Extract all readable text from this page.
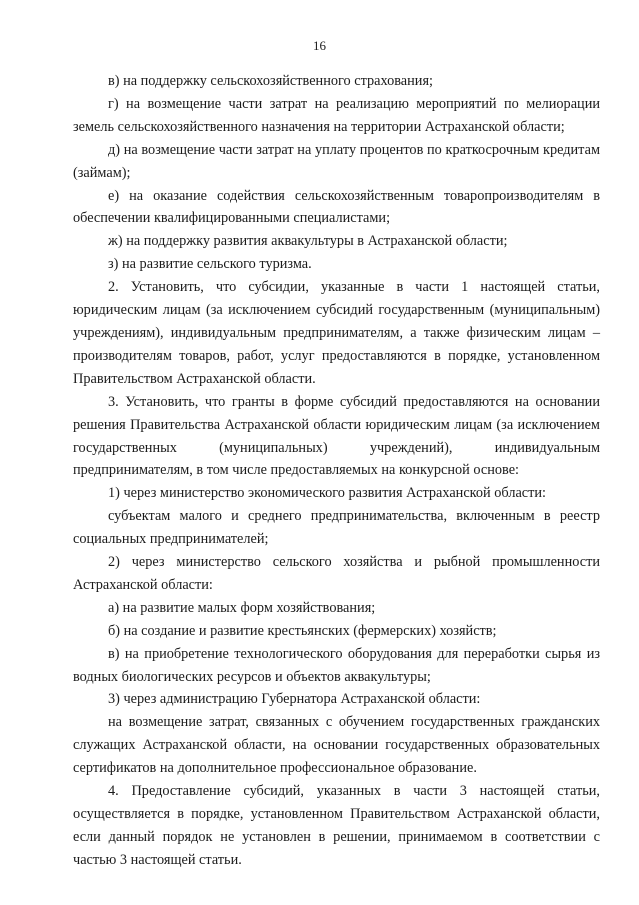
16

в) на поддержку сельскохозяйственного страхования;

г) на возмещение части затрат на реализацию мероприятий по мелиорации земель сельскохозяйственного назначения на территории Астраханской области;

д) на возмещение части затрат на уплату процентов по краткосрочным кредитам (займам);

е) на оказание содействия сельскохозяйственным товаропроизводителям в обеспечении квалифицированными специалистами;

ж) на поддержку развития аквакультуры в Астраханской области;

з) на развитие сельского туризма.

2. Установить, что субсидии, указанные в части 1 настоящей статьи, юридическим лицам (за исключением субсидий государственным (муниципальным) учреждениям), индивидуальным предпринимателям, а также физическим лицам – производителям товаров, работ, услуг предоставляются в порядке, установленном Правительством Астраханской области.

3. Установить, что гранты в форме субсидий предоставляются на основании решения Правительства Астраханской области юридическим лицам (за исключением государственных (муниципальных) учреждений), индивидуальным предпринимателям, в том числе предоставляемых на конкурсной основе:

1) через министерство экономического развития Астраханской области:

субъектам малого и среднего предпринимательства, включенным в реестр социальных предпринимателей;

2) через министерство сельского хозяйства и рыбной промышленности Астраханской области:

а) на развитие малых форм хозяйствования;

б) на создание и развитие крестьянских (фермерских) хозяйств;

в) на приобретение технологического оборудования для переработки сырья из водных биологических ресурсов и объектов аквакультуры;

3) через администрацию Губернатора Астраханской области:

на возмещение затрат, связанных с обучением государственных гражданских служащих Астраханской области, на основании государственных образовательных сертификатов на дополнительное профессиональное образование.

4. Предоставление субсидий, указанных в части 3 настоящей статьи, осуществляется в порядке, установленном Правительством Астраханской области, если данный порядок не установлен в решении, принимаемом в соответствии с частью 3 настоящей статьи.
